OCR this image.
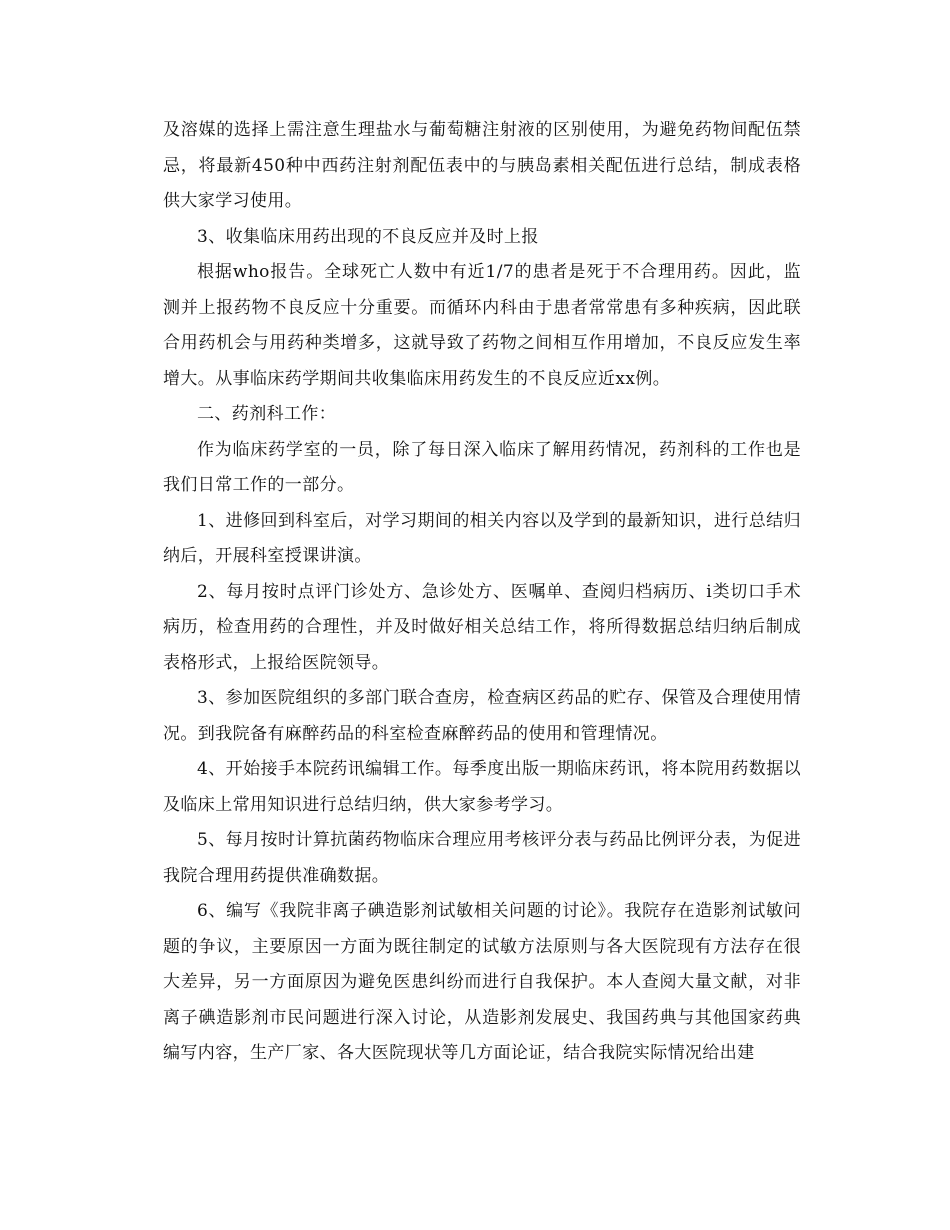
及溶媒的选择上需注意生理盐水与葡萄糖注射液的区别使用，为避免药物间配伍禁忌，将最新450种中西药注射剂配伍表中的与胰岛素相关配伍进行总结，制成表格供大家学习使用。

3、收集临床用药出现的不良反应并及时上报

根据who报告。全球死亡人数中有近1/7的患者是死于不合理用药。因此，监测并上报药物不良反应十分重要。而循环内科由于患者常常患有多种疾病，因此联合用药机会与用药种类增多，这就导致了药物之间相互作用增加，不良反应发生率增大。从事临床药学期间共收集临床用药发生的不良反应近xx例。

二、药剂科工作：

作为临床药学室的一员，除了每日深入临床了解用药情况，药剂科的工作也是我们日常工作的一部分。

1、进修回到科室后，对学习期间的相关内容以及学到的最新知识，进行总结归纳后，开展科室授课讲演。

2、每月按时点评门诊处方、急诊处方、医嘱单、查阅归档病历、i类切口手术病历，检查用药的合理性，并及时做好相关总结工作，将所得数据总结归纳后制成表格形式，上报给医院领导。

3、参加医院组织的多部门联合查房，检查病区药品的贮存、保管及合理使用情况。到我院备有麻醉药品的科室检查麻醉药品的使用和管理情况。

4、开始接手本院药讯编辑工作。每季度出版一期临床药讯，将本院用药数据以及临床上常用知识进行总结归纳，供大家参考学习。

5、每月按时计算抗菌药物临床合理应用考核评分表与药品比例评分表，为促进我院合理用药提供准确数据。

6、编写《我院非离子碘造影剂试敏相关问题的讨论》。我院存在造影剂试敏问题的争议，主要原因一方面为既往制定的试敏方法原则与各大医院现有方法存在很大差异，另一方面原因为避免医患纠纷而进行自我保护。本人查阅大量文献，对非离子碘造影剂市民问题进行深入讨论，从造影剂发展史、我国药典与其他国家药典编写内容，生产厂家、各大医院现状等几方面论证，结合我院实际情况给出建
